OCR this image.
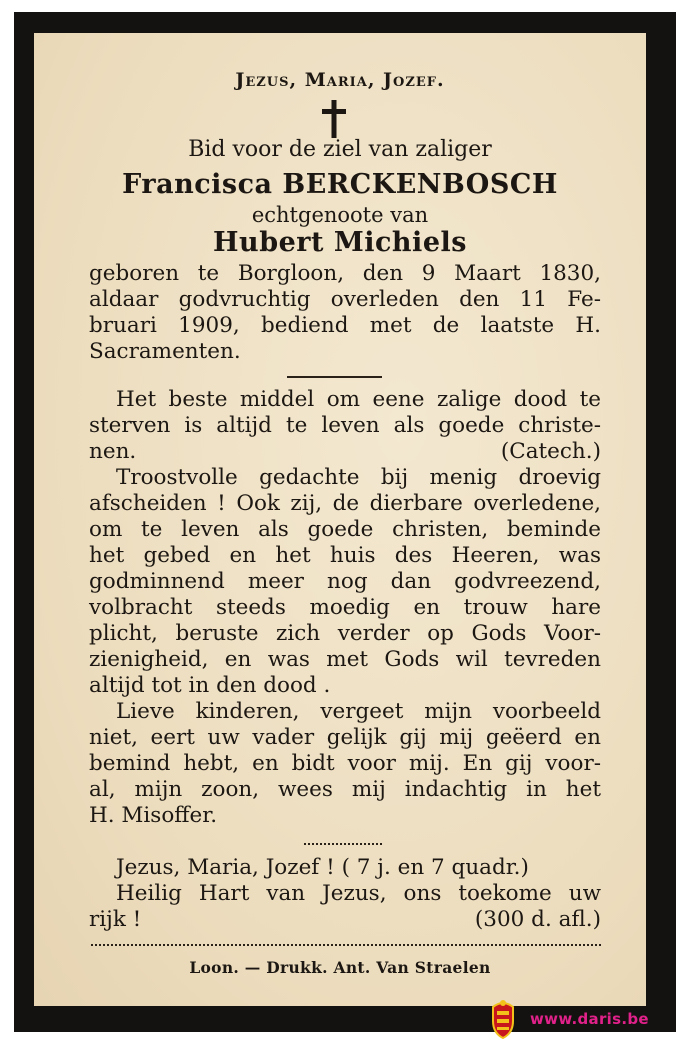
Jezus, Maria, Jozef.
Bid voor de ziel van zaliger
Francisca BERCKENBOSCH
echtgenoote van
Hubert Michiels
geboren te Borgloon, den 9 Maart 1830,
aldaar godvruchtig overleden den 11 Fe-
bruari 1909, bediend met de laatste H.
Sacramenten.
Het beste middel om eene zalige dood te
sterven is altijd te leven als goede christe-
nen.	(Catech.)
Troostvolle gedachte bij menig droevig
afscheiden ! Ook zij, de dierbare overledene,
om te leven als goede christen, beminde
het gebed en het huis des Heeren, was
godminnend meer nog dan godvreezend,
volbracht steeds moedig en trouw hare
plicht, beruste zich verder op Gods Voor-
zienigheid, en was met Gods wil tevreden
altijd tot in den dood .
Lieve kinderen, vergeet mijn voorbeeld
niet, eert uw vader gelijk gij mij geëerd en
bemind hebt, en bidt voor mij. En gij voor-
al, mijn zoon, wees mij indachtig in het
H. Misoffer.
Jezus, Maria, Jozef ! ( 7 j. en 7 quadr.)
Heilig Hart van Jezus, ons toekome uw
rijk !	(300 d. afl.)
Loon. — Drukk. Ant. Van Straelen
www.daris.be
